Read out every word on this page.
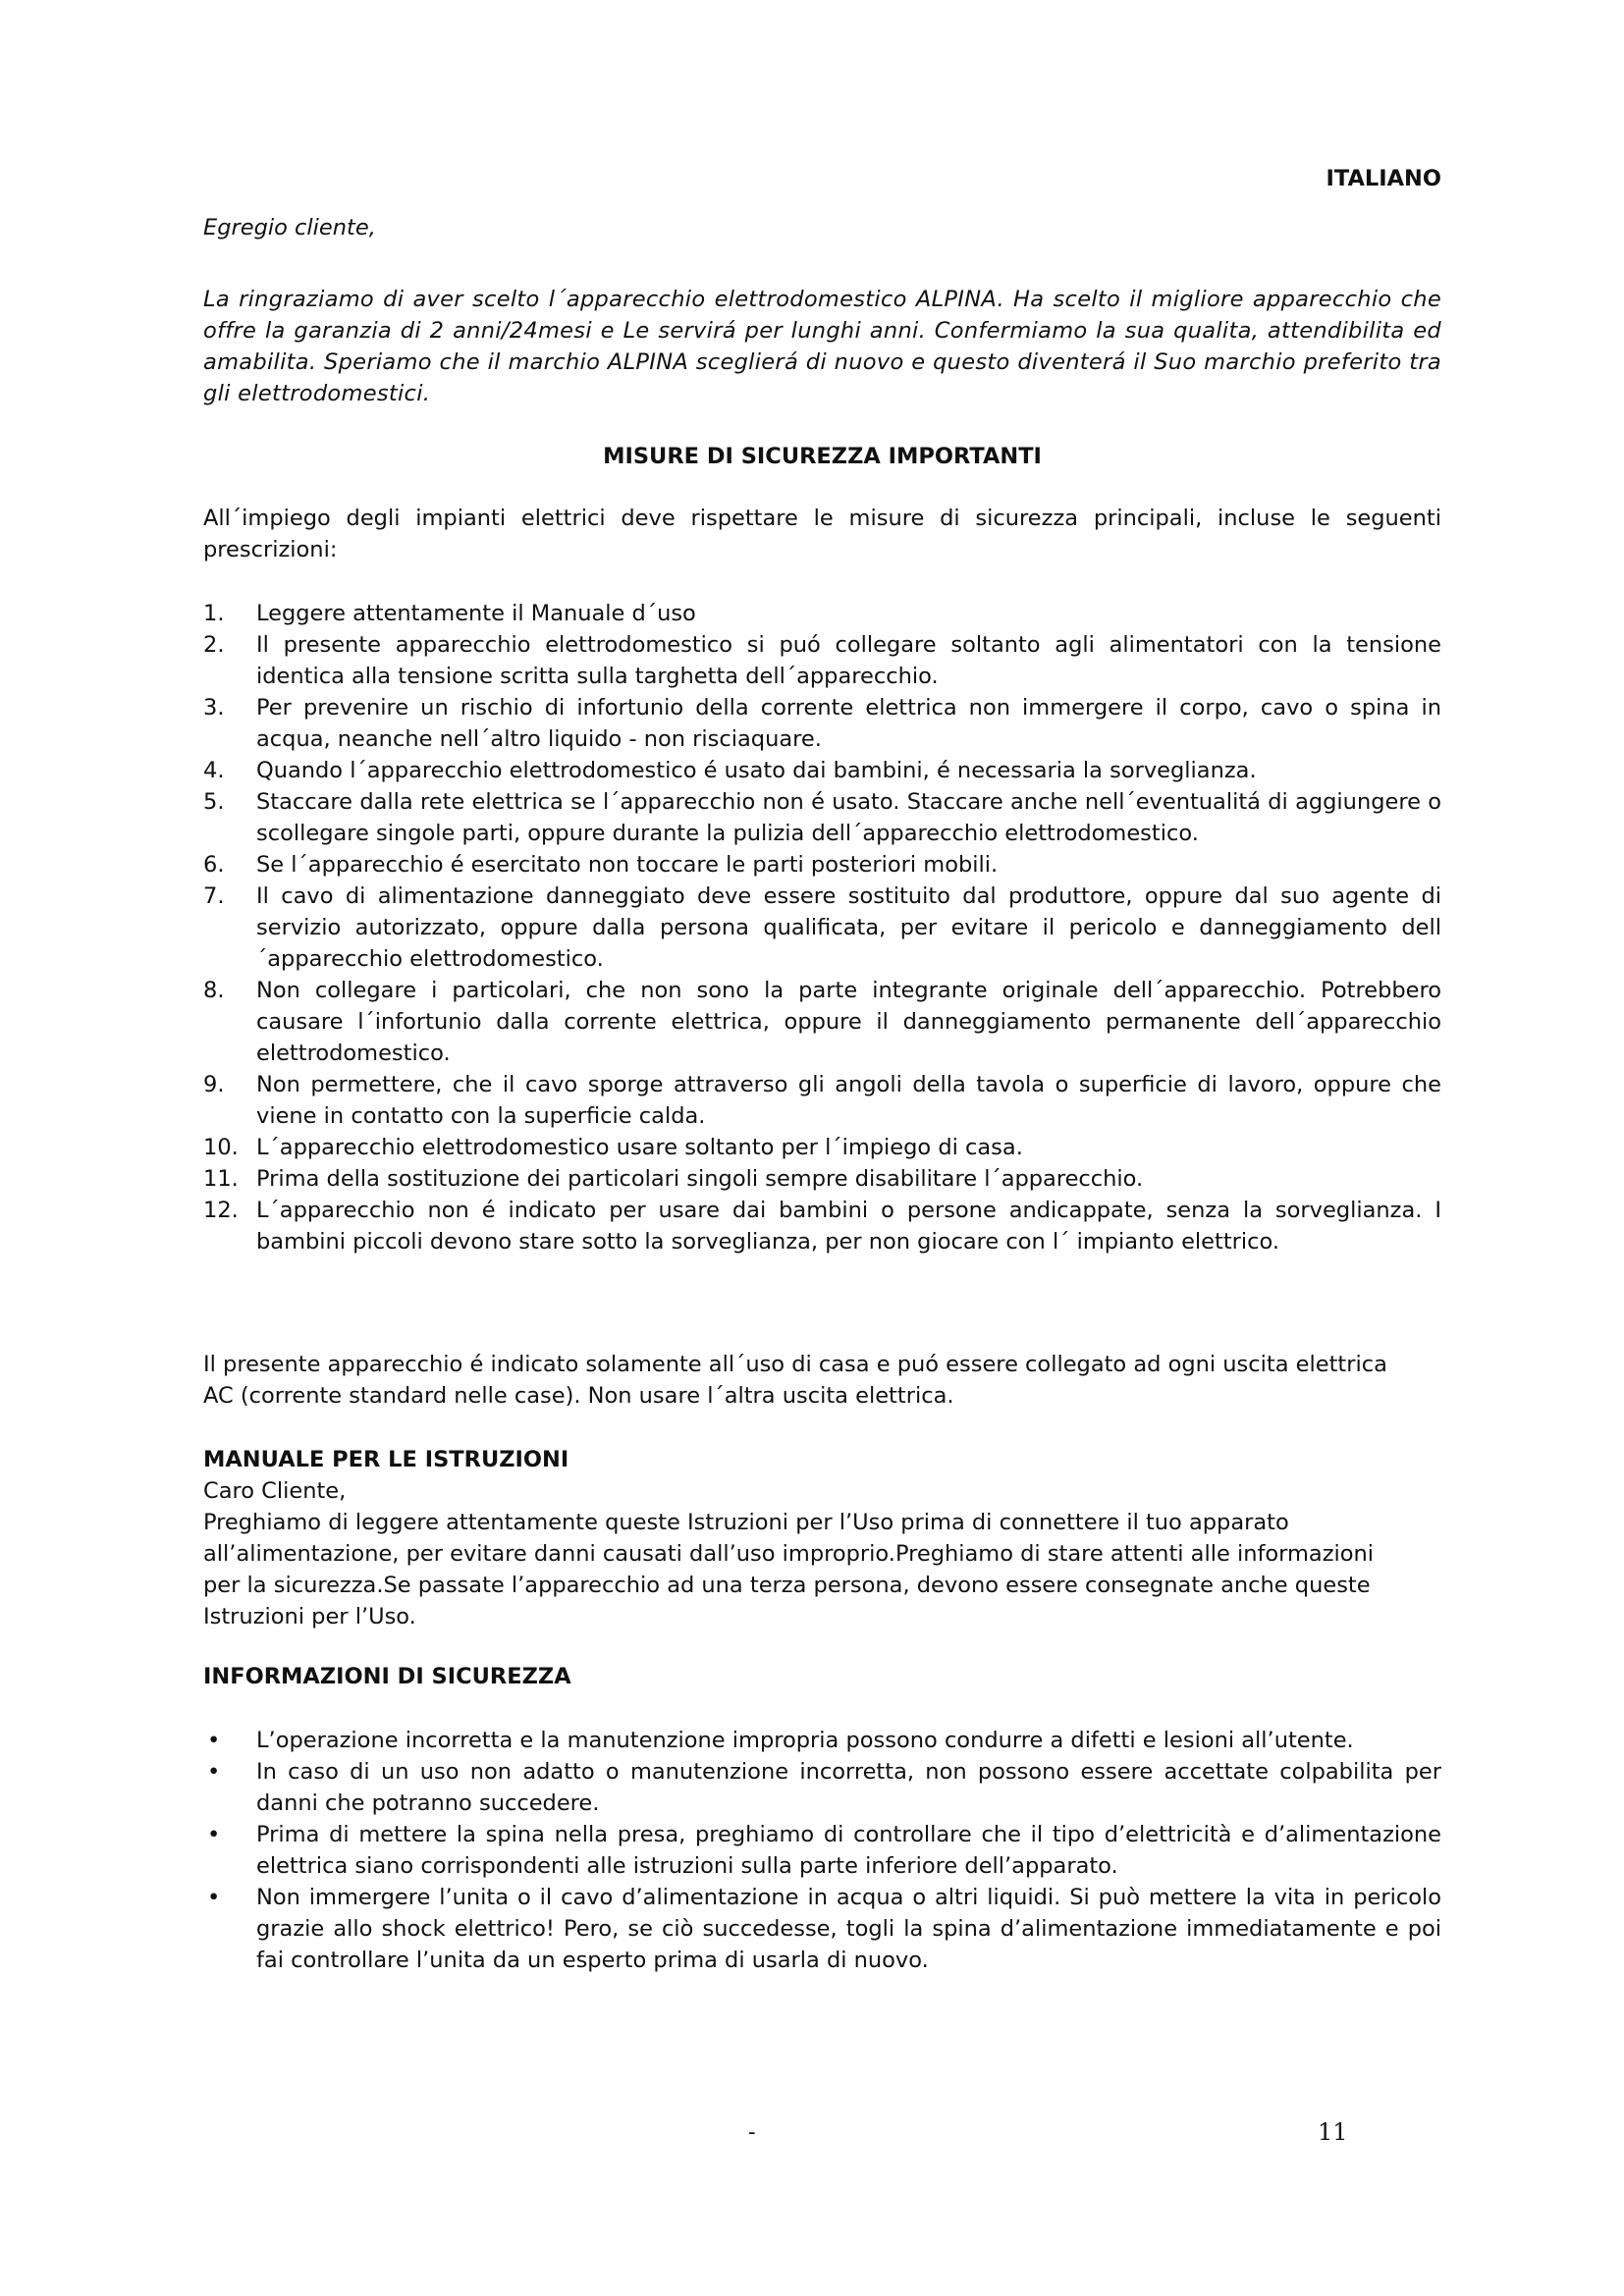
ITALIANO

Egregio cliente,

La ringraziamo di aver scelto l´apparecchio elettrodomestico ALPINA. Ha scelto il migliore apparecchio che offre la garanzia di 2 anni/24mesi e Le servirá per lunghi anni. Confermiamo la sua qualita, attendibilita ed amabilita. Speriamo che il marchio ALPINA sceglierá di nuovo e questo diventerá il Suo marchio preferito tra gli elettrodomestici.

MISURE DI SICUREZZA IMPORTANTI

All´impiego degli impianti elettrici deve rispettare le misure di sicurezza principali, incluse le seguenti prescrizioni:

1. Leggere attentamente il Manuale d´uso
2. Il presente apparecchio elettrodomestico si puó collegare soltanto agli alimentatori con la tensione identica alla tensione scritta sulla targhetta dell´apparecchio.
3. Per prevenire un rischio di infortunio della corrente elettrica non immergere il corpo, cavo o spina in acqua, neanche nell´altro liquido - non risciaquare.
4. Quando l´apparecchio elettrodomestico é usato dai bambini, é necessaria la sorveglianza.
5. Staccare dalla rete elettrica se l´apparecchio non é usato. Staccare anche nell´eventualitá di aggiungere o scollegare singole parti, oppure durante la pulizia dell´apparecchio elettrodomestico.
6. Se l´apparecchio é esercitato non toccare le parti posteriori mobili.
7. Il cavo di alimentazione danneggiato deve essere sostituito dal produttore, oppure dal suo agente di servizio autorizzato, oppure dalla persona qualificata, per evitare il pericolo e danneggiamento dell´apparecchio elettrodomestico.
8. Non collegare i particolari, che non sono la parte integrante originale dell´apparecchio. Potrebbero causare l´infortunio dalla corrente elettrica, oppure il danneggiamento permanente dell´apparecchio elettrodomestico.
9. Non permettere, che il cavo sporge attraverso gli angoli della tavola o superficie di lavoro, oppure che viene in contatto con la superficie calda.
10. L´apparecchio elettrodomestico usare soltanto per l´impiego di casa.
11. Prima della sostituzione dei particolari singoli sempre disabilitare l´apparecchio.
12. L´apparecchio non é indicato per usare dai bambini o persone andicappate, senza la sorveglianza. I bambini piccoli devono stare sotto la sorveglianza, per non giocare con l´ impianto elettrico.

Il presente apparecchio é indicato solamente all´uso di casa e puó essere collegato ad ogni uscita elettrica AC (corrente standard nelle case). Non usare l´altra uscita elettrica.

MANUALE PER LE ISTRUZIONI

Caro Cliente,

Preghiamo di leggere attentamente queste Istruzioni per l’Uso prima di connettere il tuo apparato all’alimentazione, per evitare danni causati dall’uso improprio.Preghiamo di stare attenti alle informazioni per la sicurezza.Se passate l’apparecchio ad una terza persona, devono essere consegnate anche queste Istruzioni per l’Uso.

INFORMAZIONI DI SICUREZZA
• L’operazione incorretta e la manutenzione impropria possono condurre a difetti e lesioni all’utente.
• In caso di un uso non adatto o manutenzione incorretta, non possono essere accettate colpabilita per danni che potranno succedere.
• Prima di mettere la spina nella presa, preghiamo di controllare che il tipo d’elettricità e d’alimentazione elettrica siano corrispondenti alle istruzioni sulla parte inferiore dell’apparato.
• Non immergere l’unita o il cavo d’alimentazione in acqua o altri liquidi. Si può mettere la vita in pericolo grazie allo shock elettrico! Pero, se ciò succedesse, togli la spina d’alimentazione immediatamente e poi fai controllare l’unita da un esperto prima di usarla di nuovo.
-	11
